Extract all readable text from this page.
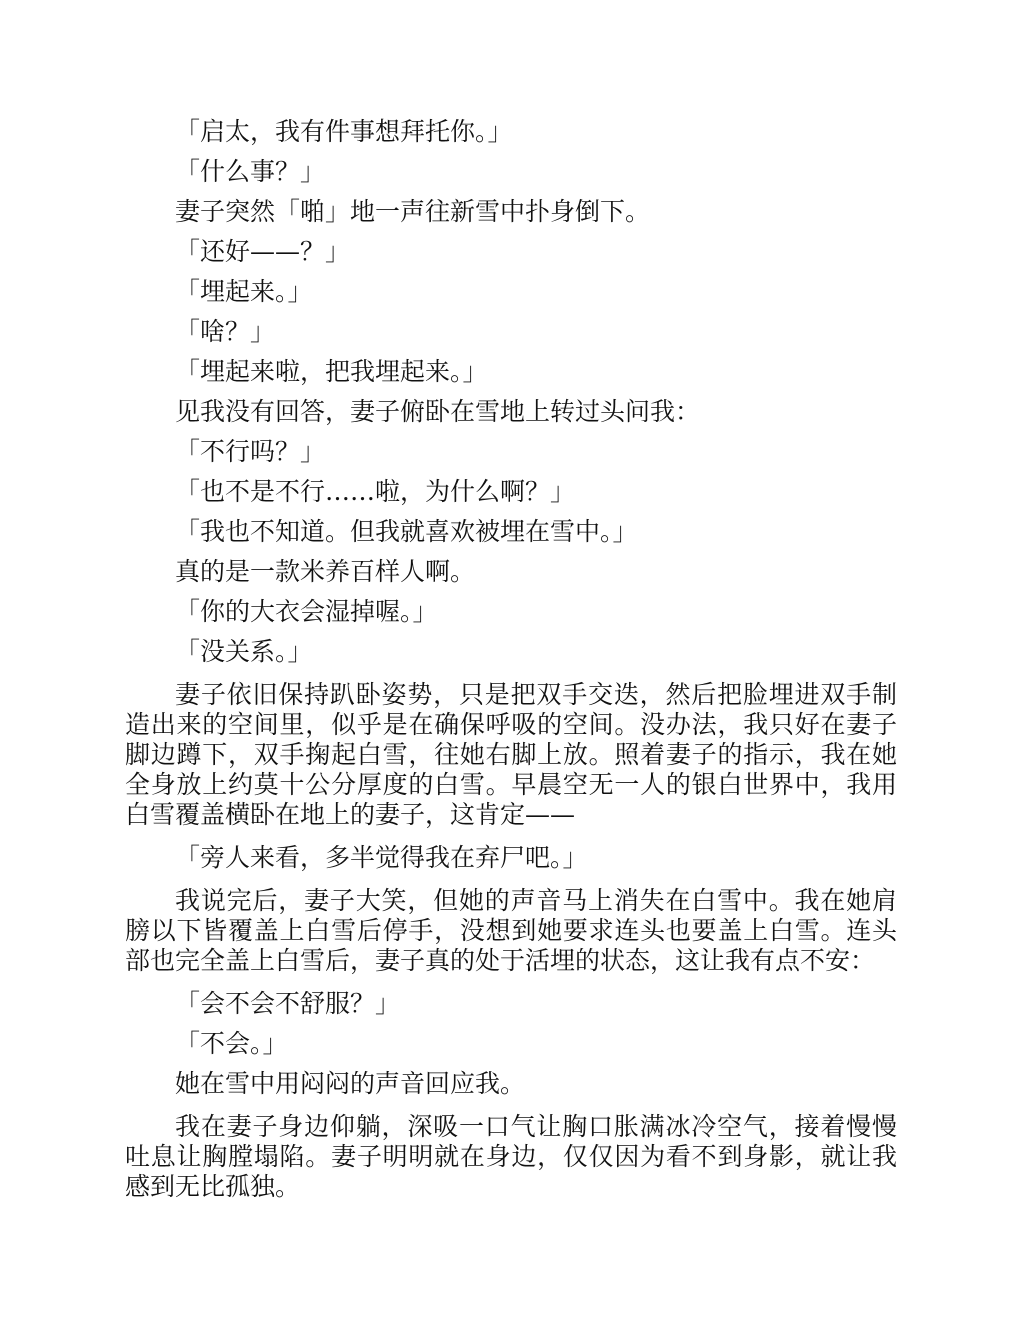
「启太，我有件事想拜托你。」

「什么事？」

妻子突然「啪」地一声往新雪中扑身倒下。

「还好——？」

「埋起来。」

「啥？」

「埋起来啦，把我埋起来。」

见我没有回答，妻子俯卧在雪地上转过头问我：

「不行吗？」

「也不是不行……啦，为什么啊？」

「我也不知道。但我就喜欢被埋在雪中。」

真的是一款米养百样人啊。

「你的大衣会湿掉喔。」

「没关系。」

妻子依旧保持趴卧姿势，只是把双手交迭，然后把脸埋进双手制造出来的空间里，似乎是在确保呼吸的空间。没办法，我只好在妻子脚边蹲下，双手掬起白雪，往她右脚上放。照着妻子的指示，我在她全身放上约莫十公分厚度的白雪。早晨空无一人的银白世界中，我用白雪覆盖横卧在地上的妻子，这肯定——

「旁人来看，多半觉得我在弃尸吧。」

我说完后，妻子大笑，但她的声音马上消失在白雪中。我在她肩膀以下皆覆盖上白雪后停手，没想到她要求连头也要盖上白雪。连头部也完全盖上白雪后，妻子真的处于活埋的状态，这让我有点不安：

「会不会不舒服？」

「不会。」

她在雪中用闷闷的声音回应我。

我在妻子身边仰躺，深吸一口气让胸口胀满冰冷空气，接着慢慢吐息让胸膛塌陷。妻子明明就在身边，仅仅因为看不到身影，就让我感到无比孤独。
